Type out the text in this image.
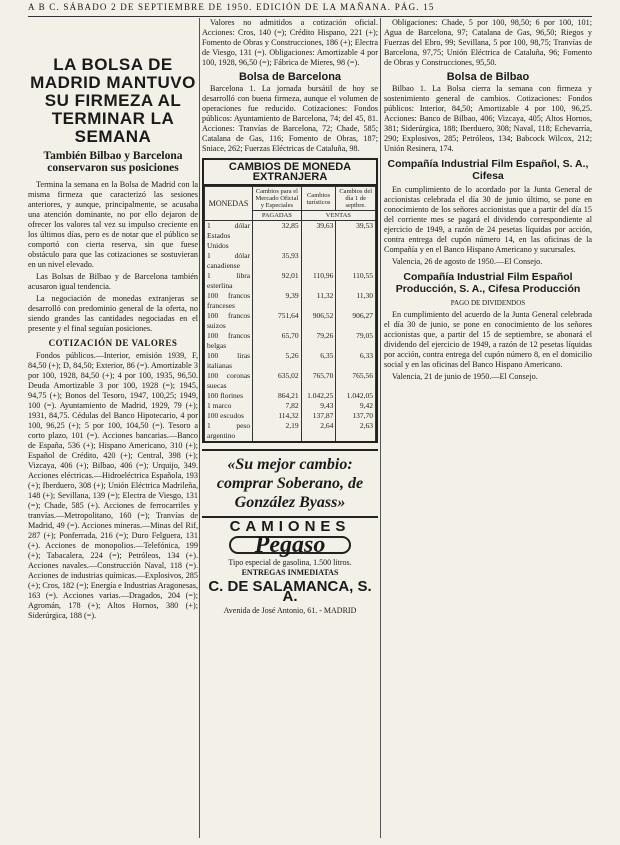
A B C. SÁBADO 2 DE SEPTIEMBRE DE 1950. EDICIÓN DE LA MAÑANA. PÁG. 15
LA BOLSA DE MADRID MANTUVO SU FIRMEZA AL TERMINAR LA SEMANA
También Bilbao y Barcelona conservaron sus posiciones

Termina la semana en la Bolsa de Madrid con la misma firmeza que caracterizó las sesiones anteriores, y aunque, principalmente, se acusaba una atención dominante, no por ello dejaron de ofrecer los valores tal vez su impulso creciente en los últimos días, pero es de notar que el público se comportó con cierta reserva, sin que fuese obstáculo para que las cotizaciones se sostuvieran en un nivel elevado.

Las Bolsas de Bilbao y de Barcelona también acusaron igual tendencia.

La negociación de monedas extranjeras se desarrolló con predominio general de la oferta, no siendo grandes las cantidades negociadas en el presente y el final seguían posiciones.

COTIZACIÓN DE VALORES

Fondos públicos.—Interior, emisión 1939, F, 84,50 (+); D, 84,50; Exterior, 86 (=). Amortizable 3 por 100, 1928, 84,50 (+); 4 por 100, 1935, 96,50. Deuda Amortizable 3 por 100, 1928 (=); 1945, 94,75 (+); Bonos del Tesoro, 1947, 100,25; 1949, 100 (=). Ayuntamiento de Madrid, 1929, 79 (+); 1931, 84,75. Cédulas del Banco Hipotecario, 4 por 100, 96,25 (+); 5 por 100, 104,50 (=). Tesoro a corto plazo, 101 (=). Acciones bancarias.—Banco de España, 536 (+); Hispano Americano, 310 (+); Español de Crédito, 420 (+); Central, 398 (+); Vizcaya, 406 (+); Bilbao, 406 (=); Urquijo, 349. Acciones eléctricas.—Hidroeléctrica Española, 193 (+); Iberduero, 308 (+); Unión Eléctrica Madrileña, 148 (+); Sevillana, 139 (=); Electra de Viesgo, 131 (=); Chade, 585 (+). Acciones de ferrocarriles y tranvías.—Metropolitano, 160 (=); Tranvías de Madrid, 49 (=). Acciones mineras.—Minas del Rif, 287 (+); Ponferrada, 216 (=); Duro Felguera, 131 (+). Acciones de monopolios.—Telefónica, 199 (+); Tabacalera, 224 (=); Petróleos, 134 (+). Acciones navales.—Construcción Naval, 118 (=). Acciones de industrias químicas.—Explosivos, 285 (+); Cros, 182 (=); Energía e Industrias Aragonesas, 163 (=). Acciones varias.—Dragados, 204 (=); Agromán, 178 (+); Altos Hornos, 380 (+); Siderúrgica, 188 (=).

Valores no admitidos a cotización oficial. Acciones: Cros, 140 (=); Crédito Hispano, 221 (+); Fomento de Obras y Construcciones, 186 (+); Electra de Viesgo, 131 (=). Obligaciones: Amortizable 4 por 100, 1928, 96,50 (=); Fábrica de Mieres, 98 (=).

Bolsa de Barcelona

Barcelona 1. La jornada bursátil de hoy se desarrolló con buena firmeza, aunque el volumen de operaciones fue reducido. Cotizaciones: Fondos públicos: Ayuntamiento de Barcelona, 74; del 45, 81. Acciones: Tranvías de Barcelona, 72; Chade, 585; Catalana de Gas, 116; Fomento de Obras, 187; Sniace, 262; Fuerzas Eléctricas de Cataluña, 98.

CAMBIOS DE MONEDA EXTRANJERA
MONEDAS	Cambios para el Mercado Oficial y Especiales	Cambios turísticos	Cambios del día 1 de septbre.
	PAGADAS	VENTAS	
1 dólar Estados Unidos	32,85	39,63	39,53
1 dólar canadiense	35,93		
1 libra esterlina	92,01	110,96	110,55
100 francos franceses	9,39	11,32	11,30
100 francos suizos	751,64	906,52	906,27
100 francos belgas	65,70	79,26	79,05
100 liras italianas	5,26	6,35	6,33
100 coronas suecas	635,02	765,70	765,56
100 florines	864,21	1.042,25	1.042,05
1 marco	7,82	9,43	9,42
100 escudos	114,32	137,87	137,70
1 peso argentino	2,19	2,64	2,63
«Su mejor cambio: comprar Soberano, de González Byass»
CAMIONES
Pegaso
Tipo especial de gasolina, 1.500 litros.
ENTREGAS INMEDIATAS
C. DE SALAMANCA, S. A.
Avenida de José Antonio, 61. - MADRID

Obligaciones: Chade, 5 por 100, 98,50; 6 por 100, 101; Agua de Barcelona, 97; Catalana de Gas, 96,50; Riegos y Fuerzas del Ebro, 99; Sevillana, 5 por 100, 98,75; Tranvías de Barcelona, 97,75; Unión Eléctrica de Cataluña, 96; Fomento de Obras y Construcciones, 95,50.

Bolsa de Bilbao

Bilbao 1. La Bolsa cierra la semana con firmeza y sostenimiento general de cambios. Cotizaciones: Fondos públicos: Interior, 84,50; Amortizable 4 por 100, 96,25. Acciones: Banco de Bilbao, 406; Vizcaya, 405; Altos Hornos, 381; Siderúrgica, 188; Iberduero, 308; Naval, 118; Echevarría, 290; Explosivos, 285; Petróleos, 134; Babcock Wilcox, 212; Unión Resinera, 174.

Compañía Industrial Film Español, S. A., Cifesa

En cumplimiento de lo acordado por la Junta General de accionistas celebrada el día 30 de junio último, se pone en conocimiento de los señores accionistas que a partir del día 15 del corriente mes se pagará el dividendo correspondiente al ejercicio de 1949, a razón de 24 pesetas líquidas por acción, contra entrega del cupón número 14, en las oficinas de la Compañía y en el Banco Hispano Americano y sucursales.

Valencia, 26 de agosto de 1950.—El Consejo.

Compañía Industrial Film Español Producción, S. A., Cifesa Producción
PAGO DE DIVIDENDOS

En cumplimiento del acuerdo de la Junta General celebrada el día 30 de junio, se pone en conocimiento de los señores accionistas que, a partir del 15 de septiembre, se abonará el dividendo del ejercicio de 1949, a razón de 12 pesetas líquidas por acción, contra entrega del cupón número 8, en el domicilio social y en las oficinas del Banco Hispano Americano.

Valencia, 21 de junio de 1950.—El Consejo.
